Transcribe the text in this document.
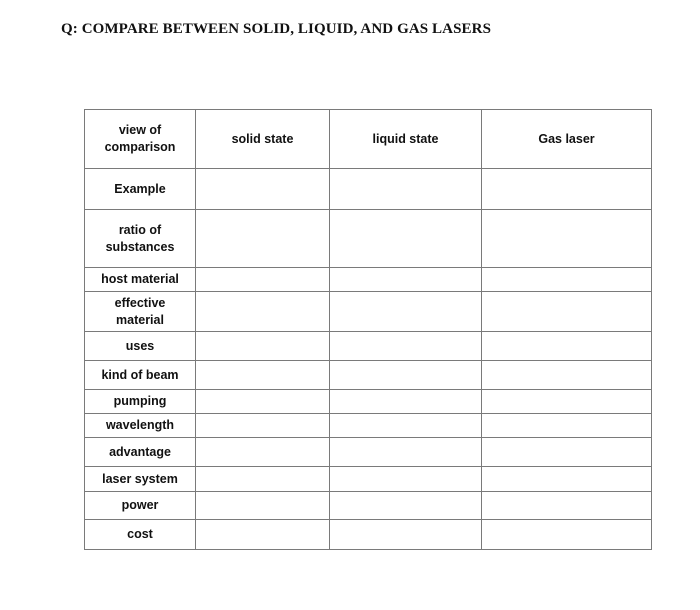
Q: COMPARE BETWEEN SOLID, LIQUID, AND GAS LASERS
view of comparison	solid state	liquid state	Gas laser
Example			
ratio of substances			
host material			
effective material			
uses			
kind of beam			
pumping			
wavelength			
advantage			
laser system			
power			
cost			
